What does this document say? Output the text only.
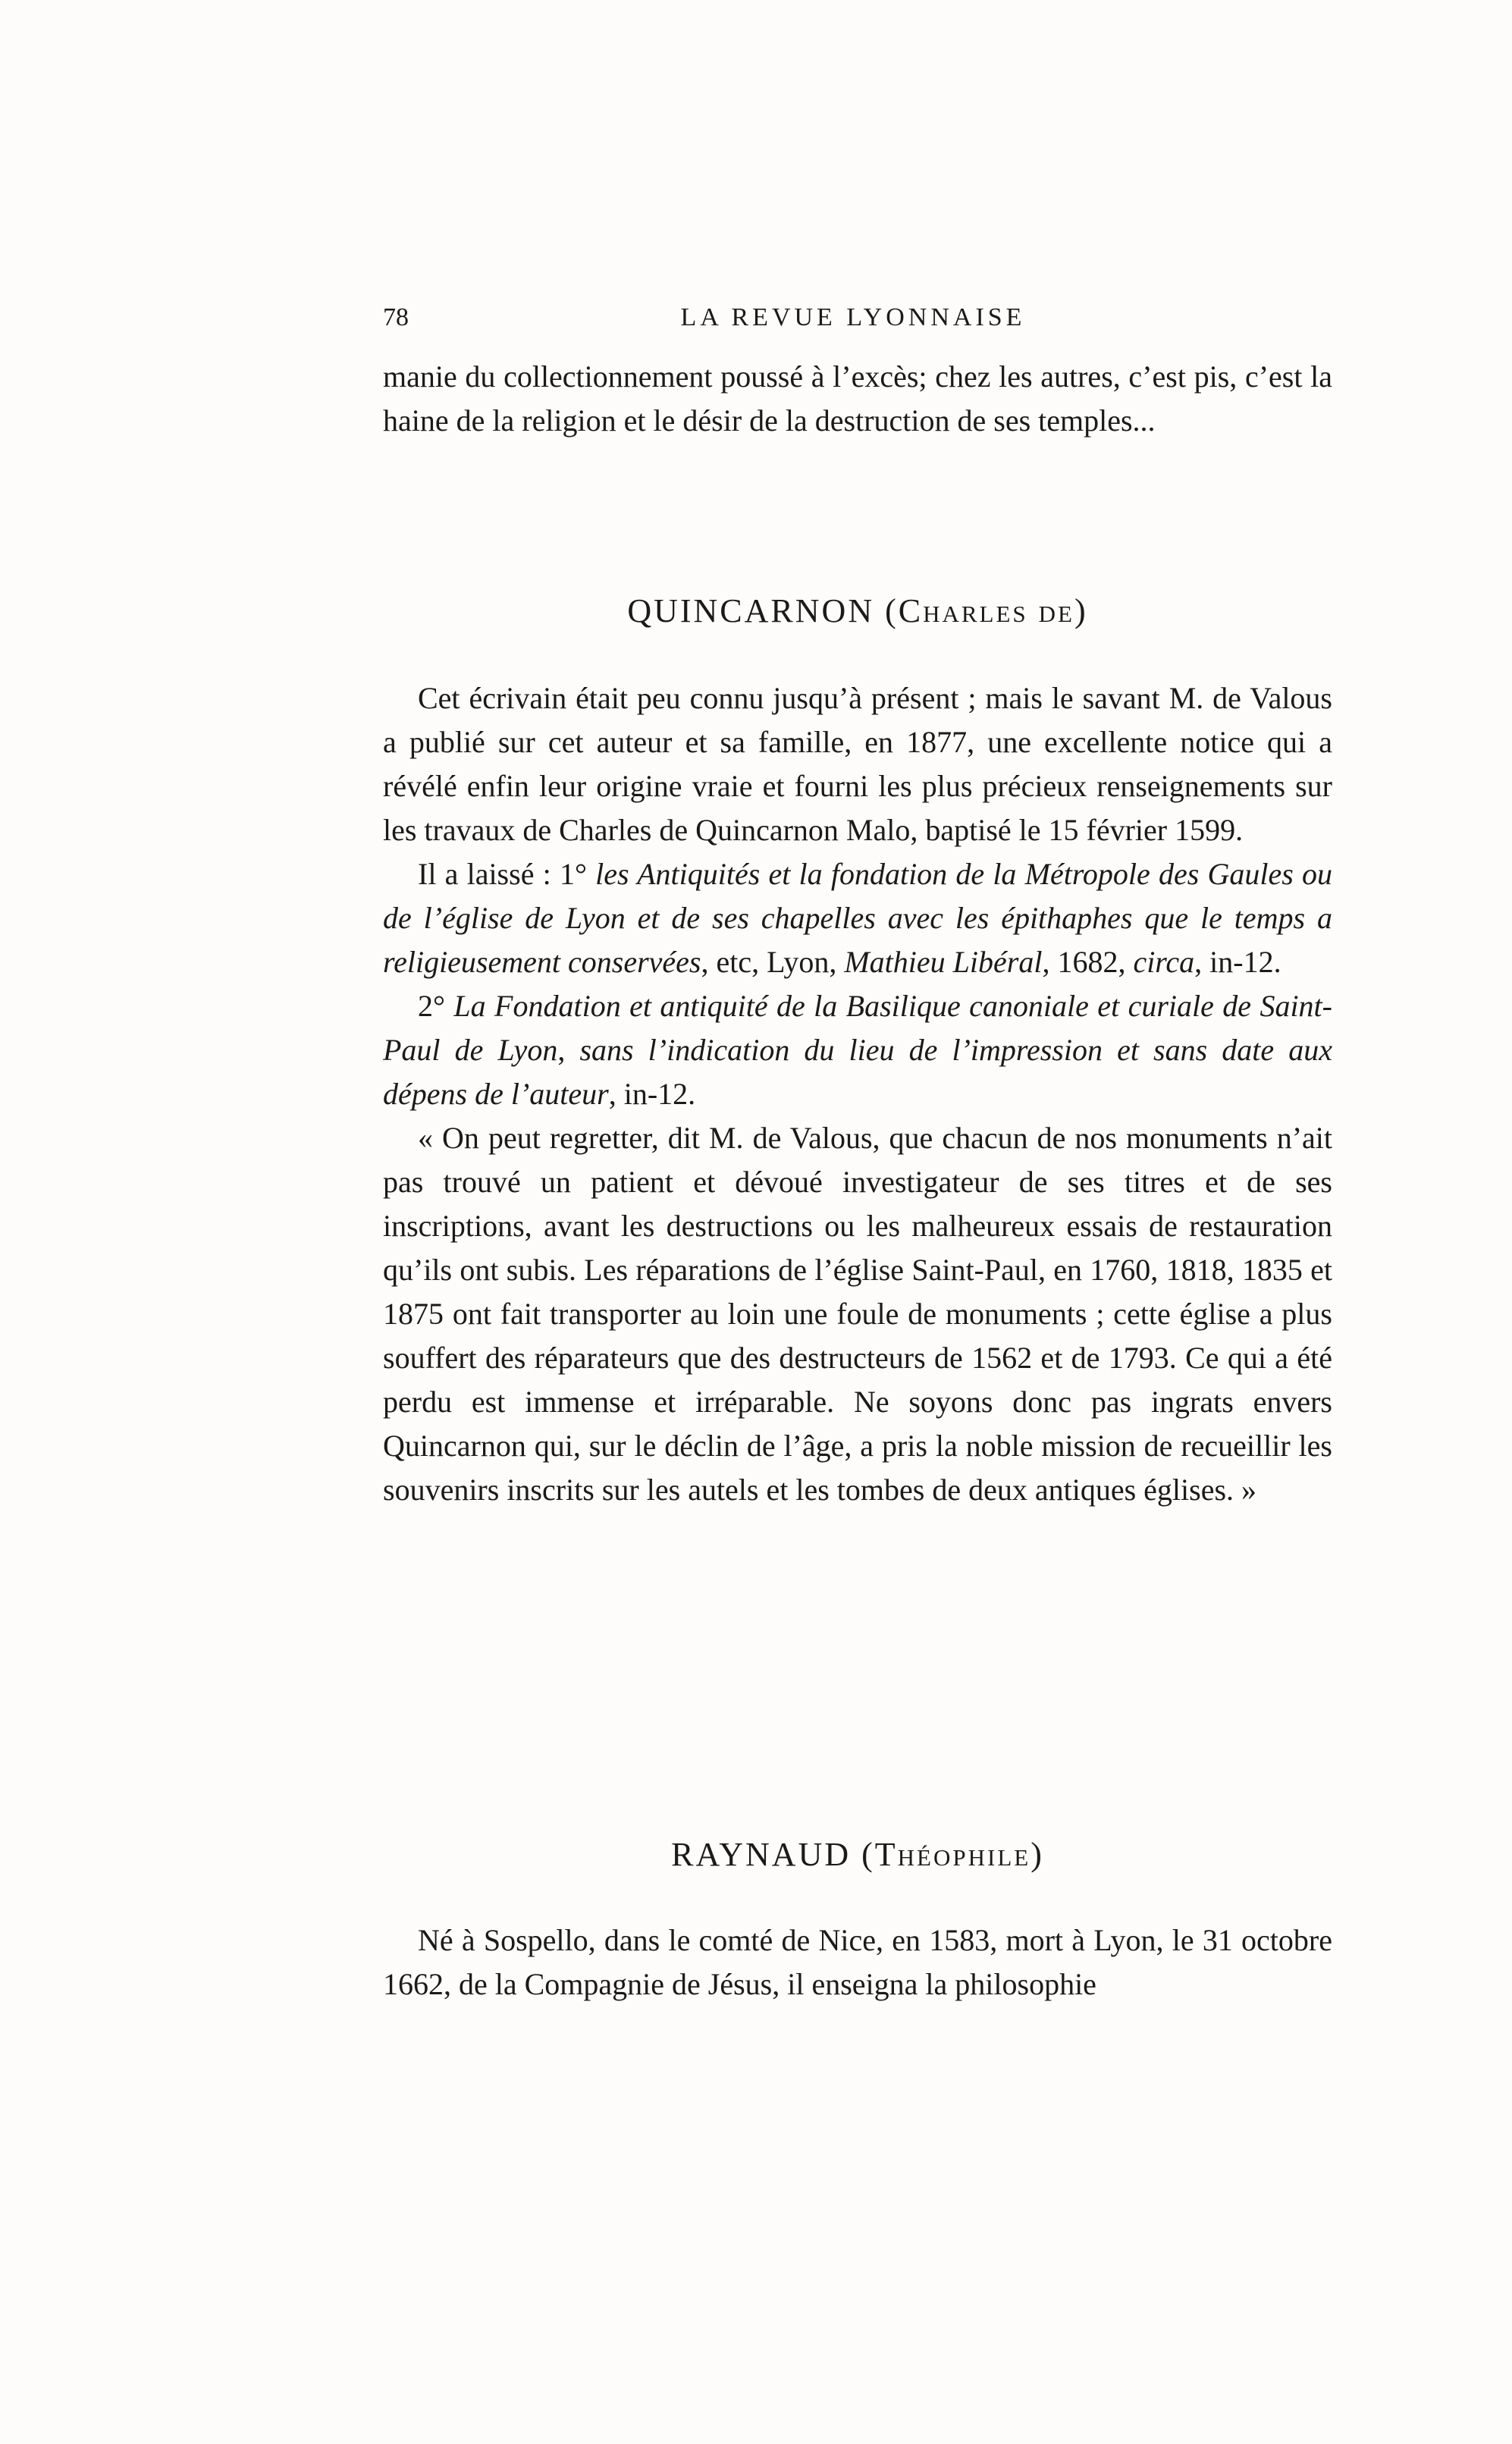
78	LA REVUE LYONNAISE

manie du collectionnement poussé à l’excès; chez les autres, c’est pis, c’est la haine de la religion et le désir de la destruction de ses temples...

QUINCARNON (Charles de)

Cet écrivain était peu connu jusqu’à présent ; mais le savant M. de Valous a publié sur cet auteur et sa famille, en 1877, une excellente notice qui a révélé enfin leur origine vraie et fourni les plus précieux renseignements sur les travaux de Charles de Quincarnon Malo, baptisé le 15 février 1599.

Il a laissé : 1° les Antiquités et la fondation de la Métropole des Gaules ou de l’église de Lyon et de ses chapelles avec les épithaphes que le temps a religieusement conservées, etc, Lyon, Mathieu Libéral, 1682, circa, in-12.

2° La Fondation et antiquité de la Basilique canoniale et curiale de Saint-Paul de Lyon, sans l’indication du lieu de l’impression et sans date aux dépens de l’auteur, in-12.

« On peut regretter, dit M. de Valous, que chacun de nos monuments n’ait pas trouvé un patient et dévoué investigateur de ses titres et de ses inscriptions, avant les destructions ou les malheureux essais de restauration qu’ils ont subis. Les réparations de l’église Saint-Paul, en 1760, 1818, 1835 et 1875 ont fait transporter au loin une foule de monuments ; cette église a plus souffert des réparateurs que des destructeurs de 1562 et de 1793. Ce qui a été perdu est immense et irréparable. Ne soyons donc pas ingrats envers Quincarnon qui, sur le déclin de l’âge, a pris la noble mission de recueillir les souvenirs inscrits sur les autels et les tombes de deux antiques églises. »

RAYNAUD (Théophile)

Né à Sospello, dans le comté de Nice, en 1583, mort à Lyon, le 31 octobre 1662, de la Compagnie de Jésus, il enseigna la philosophie
